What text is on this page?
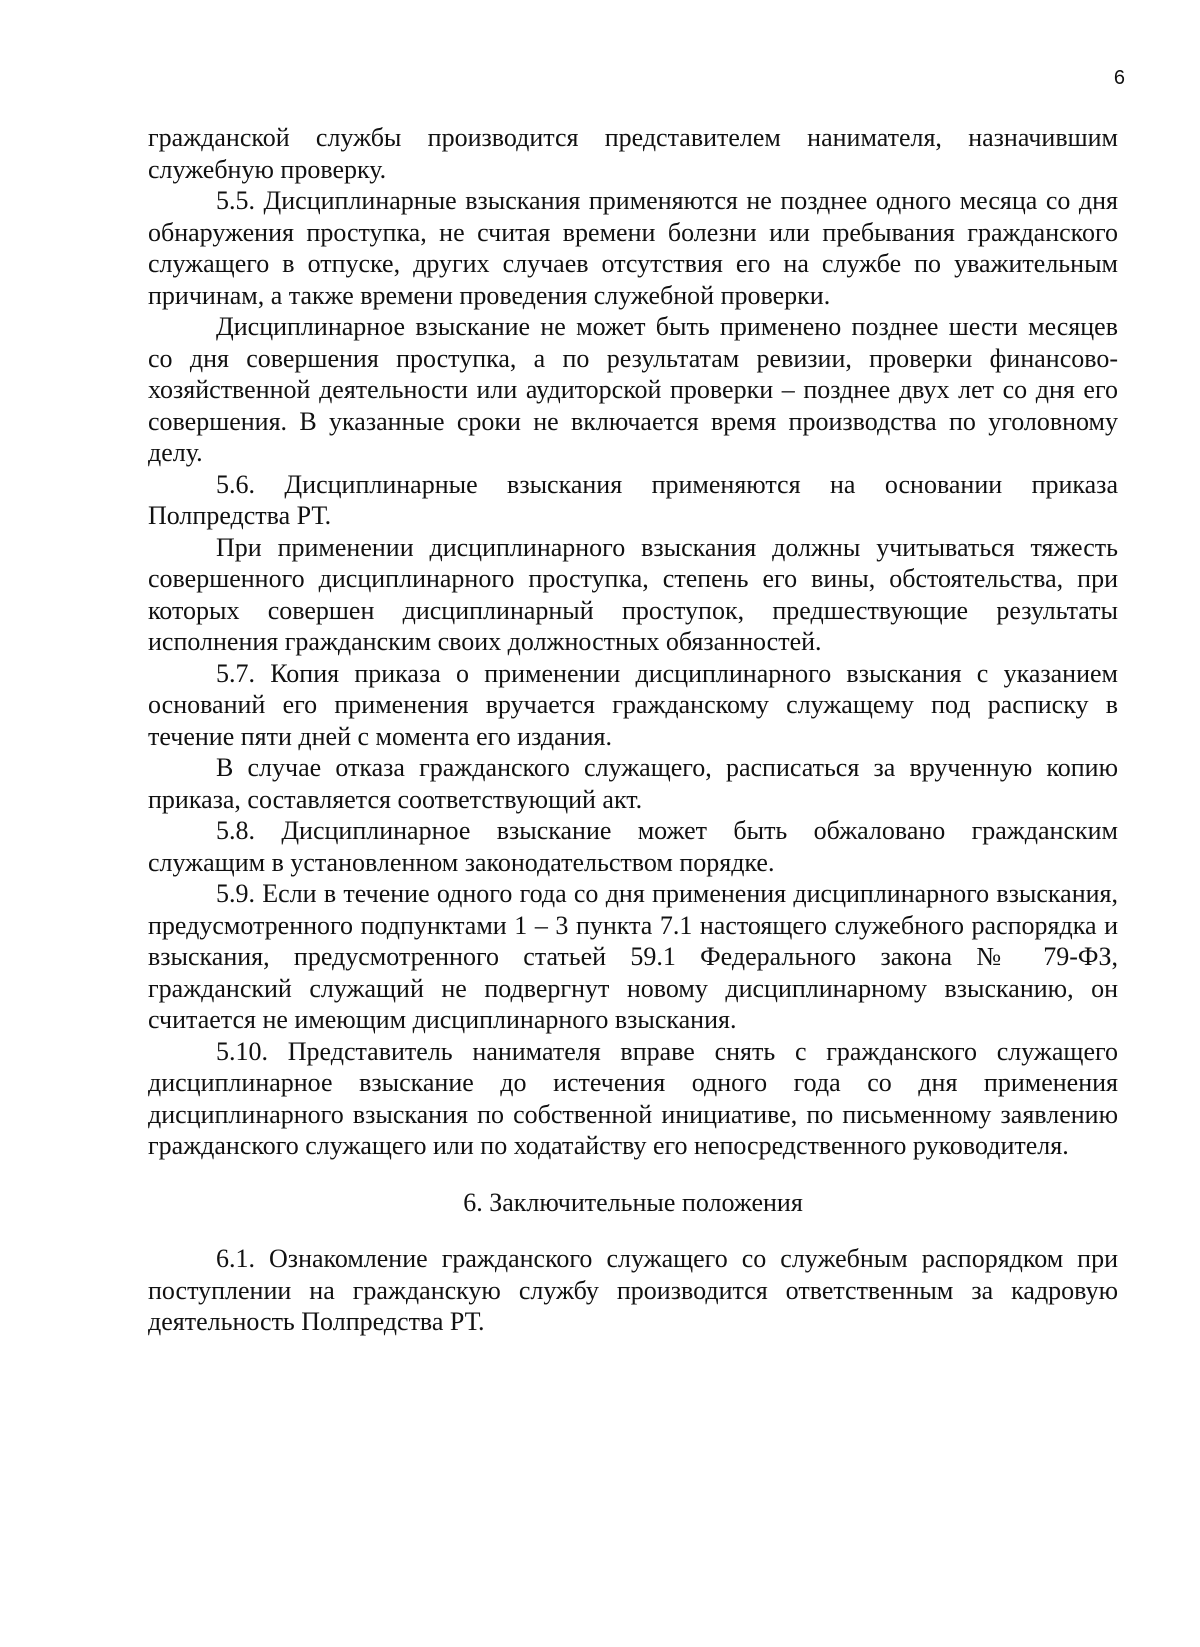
6

гражданской службы производится представителем нанимателя, назначившим служебную проверку.

5.5. Дисциплинарные взыскания применяются не позднее одного месяца со дня обнаружения проступка, не считая времени болезни или пребывания гражданского служащего в отпуске, других случаев отсутствия его на службе по уважительным причинам, а также времени проведения служебной проверки.

Дисциплинарное взыскание не может быть применено позднее шести месяцев со дня совершения проступка, а по результатам ревизии, проверки финансово-хозяйственной деятельности или аудиторской проверки – позднее двух лет со дня его совершения. В указанные сроки не включается время производства по уголовному делу.

5.6. Дисциплинарные взыскания применяются на основании приказа Полпредства РТ.

При применении дисциплинарного взыскания должны учитываться тяжесть совершенного дисциплинарного проступка, степень его вины, обстоятельства, при которых совершен дисциплинарный проступок, предшествующие результаты исполнения гражданским своих должностных обязанностей.

5.7. Копия приказа о применении дисциплинарного взыскания с указанием оснований его применения вручается гражданскому служащему под расписку в течение пяти дней с момента его издания.

В случае отказа гражданского служащего, расписаться за врученную копию приказа, составляется соответствующий акт.

5.8. Дисциплинарное взыскание может быть обжаловано гражданским служащим в установленном законодательством порядке.

5.9. Если в течение одного года со дня применения дисциплинарного взыскания, предусмотренного подпунктами 1 – 3 пункта 7.1 настоящего служебного распорядка и взыскания, предусмотренного статьей 59.1 Федерального закона № 79-ФЗ, гражданский служащий не подвергнут новому дисциплинарному взысканию, он считается не имеющим дисциплинарного взыскания.

5.10. Представитель нанимателя вправе снять с гражданского служащего дисциплинарное взыскание до истечения одного года со дня применения дисциплинарного взыскания по собственной инициативе, по письменному заявлению гражданского служащего или по ходатайству его непосредственного руководителя.

6. Заключительные положения

6.1. Ознакомление гражданского служащего со служебным распорядком при поступлении на гражданскую службу производится ответственным за кадровую деятельность Полпредства РТ.
